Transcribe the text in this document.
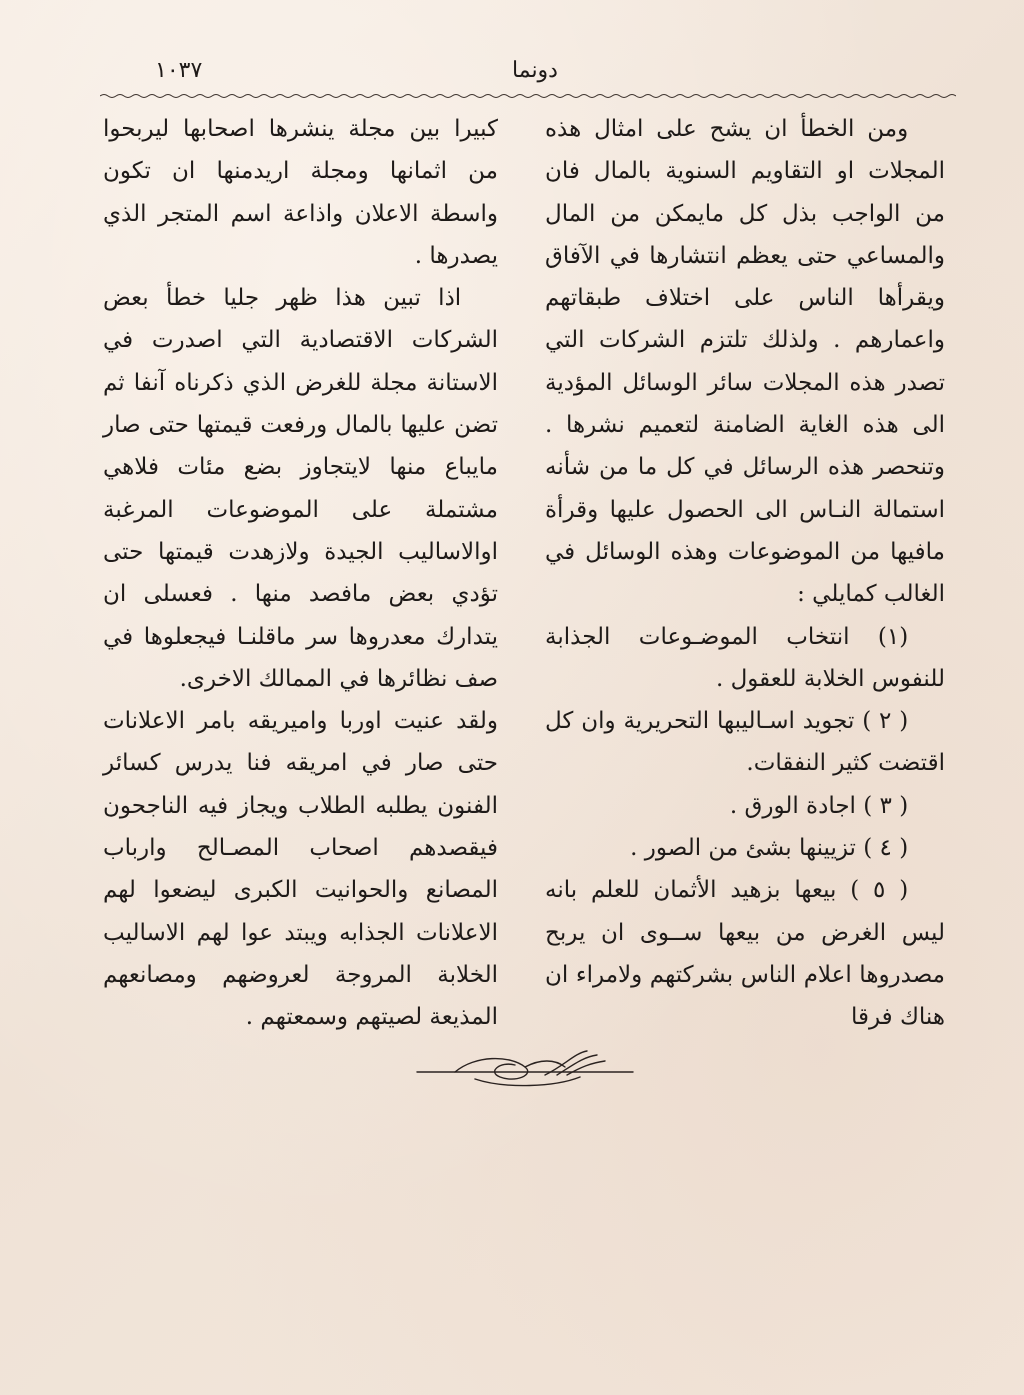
١٠٣٧	دونما

ومن الخطأ ان يشح على امثال هذه المجلات او التقاويم السنوية بالمال فان من الواجب بذل كل مايمكن من المال والمساعي حتى يعظم انتشارها في الآفاق ويقرأها الناس على اختلاف طبقاتهم واعمارهم . ولذلك تلتزم الشركات التي تصدر هذه المجلات سائر الوسائل المؤدية الى هذه الغاية الضامنة لتعميم نشرها . وتنحصر هذه الرسائل في كل ما من شأنه استمالة النـاس الى الحصول عليها وقرأة مافيها من الموضوعات وهذه الوسائل في الغالب كمايلي :

(١) انتخاب الموضـوعات الجذابة للنفوس الخلابة للعقول .

( ٢ ) تجويد اسـاليبها التحريرية وان كل اقتضت كثير النفقات.

( ٣ ) اجادة الورق .

( ٤ ) تزيينها بشئ من الصور .

( ٥ ) بيعها بزهيد الأثمان للعلم بانه ليس الغرض من بيعها ســوى ان يربح مصدروها اعلام الناس بشركتهم ولامراء ان هناك فرقا

كبيرا بين مجلة ينشرها اصحابها ليربحوا من اثمانها ومجلة اريدمنها ان تكون واسطة الاعلان واذاعة اسم المتجر الذي يصدرها .

اذا تبين هذا ظهر جليا خطأ بعض الشركات الاقتصادية التي اصدرت في الاستانة مجلة للغرض الذي ذكرناه آنفا ثم تضن عليها بالمال ورفعت قيمتها حتى صار مايباع منها لايتجاوز بضع مئات فلاهي مشتملة على الموضوعات المرغبة اوالاساليب الجيدة ولازهدت قيمتها حتى تؤدي بعض مافصد منها . فعسلى ان يتدارك معدروها سر ماقلنـا فيجعلوها في صف نظائرها في الممالك الاخرى.

ولقد عنيت اوربا واميريقه بامر الاعلانات حتى صار في امريقه فنا يدرس كسائر الفنون يطلبه الطلاب ويجاز فيه الناجحون فيقصدهم اصحاب المصـالح وارباب المصانع والحوانيت الكبرى ليضعوا لهم الاعلانات الجذابه ويبتد عوا لهم الاساليب الخلابة المروجة لعروضهم ومصانعهم المذيعة لصيتهم وسمعتهم .
